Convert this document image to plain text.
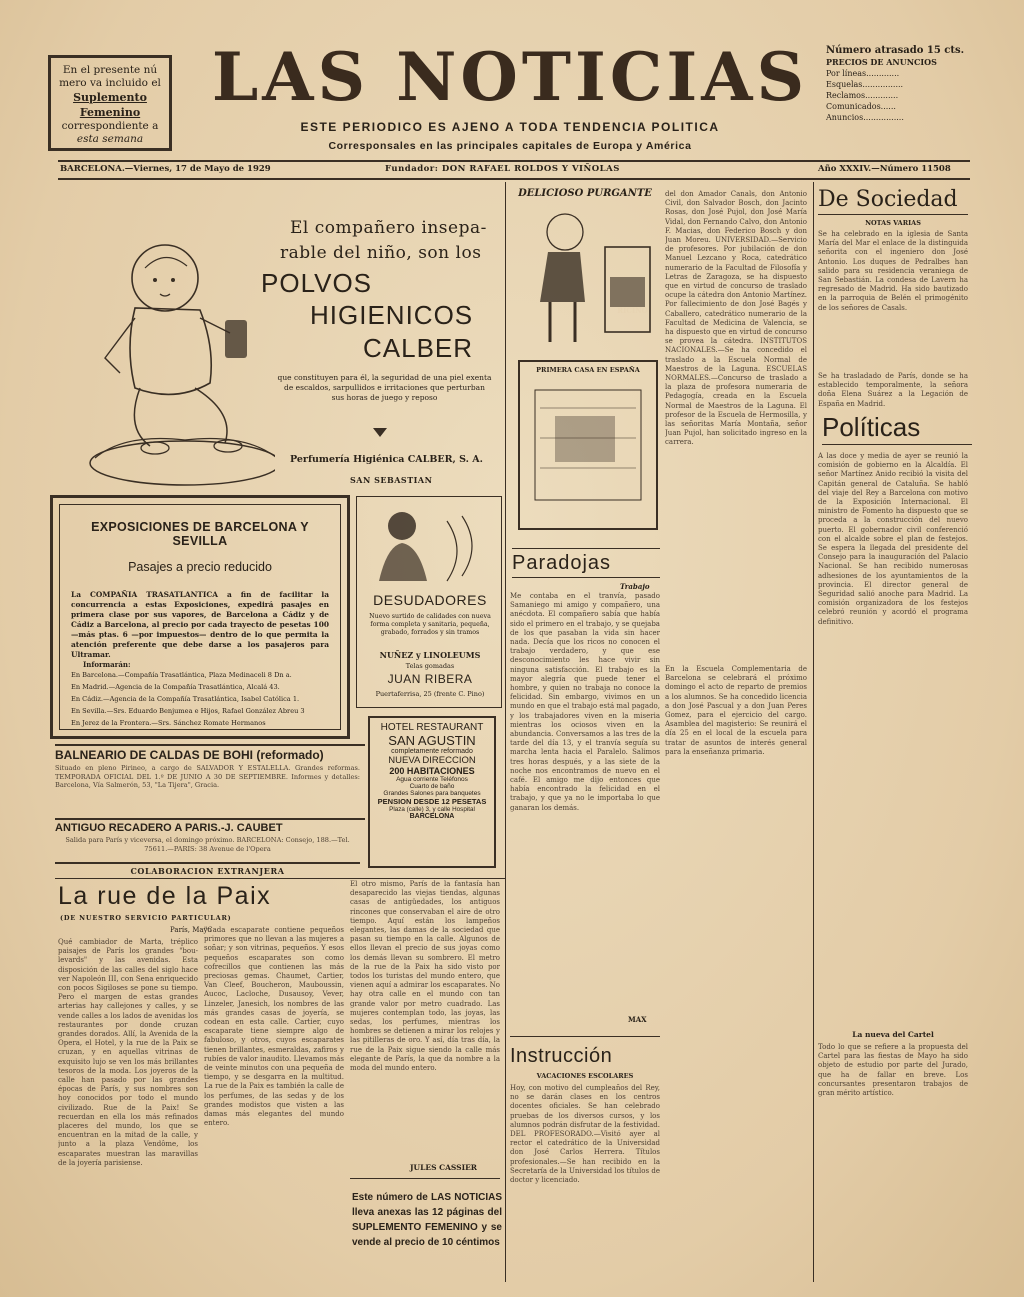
En el presente nú
mero va incluido el
Suplemento Femenino
correspondiente a
esta semana
LAS NOTICIAS
ESTE PERIODICO ES AJENO A TODA TENDENCIA POLITICA
Corresponsales en las principales capitales de Europa y América
Número atrasado 15 cts.
PRECIOS DE ANUNCIOS
Por líneas.............
Esquelas................
Reclamos.............
Comunicados......
Anuncios................
BARCELONA.—Viernes, 17 de Mayo de 1929	Fundador: DON RAFAEL ROLDOS Y VIÑOLAS	Año XXXIV.—Número 11508
El compañero insepa-
rable del niño, son los
POLVOS
HIGIENICOS
CALBER
que constituyen para él, la seguridad de una piel exenta de escaldos, sarpullidos e irritaciones que perturban sus horas de juego y reposo
Perfumería Higiénica CALBER, S. A.
SAN SEBASTIAN
DELICIOSO PURGANTE
RICINO
PRIMERA CASA EN ESPAÑA
del don Amador Canals, don Antonio Civil, don Salvador Bosch, don Jacinto Rosas, don José Pujol, don José María Vidal, don Fernando Calvo, don Antonio F. Macias, don Federico Bosch y don Juan Moreu. UNIVERSIDAD.—Servicio de profesores. Por jubilación de don Manuel Lezcano y Roca, catedrático numerario de la Facultad de Filosofía y Letras de Zaragoza, se ha dispuesto que en virtud de concurso de traslado ocupe la cátedra don Antonio Martínez. Por fallecimiento de don José Bagés y Caballero, catedrático numerario de la Facultad de Medicina de Valencia, se ha dispuesto que en virtud de concurso se provea la cátedra. INSTITUTOS NACIONALES.—Se ha concedido el traslado a la Escuela Normal de Maestros de la Laguna. ESCUELAS NORMALES.—Concurso de traslado a la plaza de profesora numeraria de Pedagogía, creada en la Escuela Normal de Maestros de la Laguna. El profesor de la Escuela de Hermosilla, y las señoritas María Montaña, señor Juan Pujol, han solicitado ingreso en la carrera.
De Sociedad
NOTAS VARIAS
Se ha celebrado en la iglesia de Santa María del Mar el enlace de la distinguida señorita con el ingeniero don José Antonio. Los duques de Pedralbes han salido para su residencia veraniega de San Sebastián. La condesa de Lavern ha regresado de Madrid. Ha sido bautizado en la parroquia de Belén el primogénito de los señores de Casals.
Se ha trasladado de París, donde se ha establecido temporalmente, la señora doña Elena Suárez a la Legación de España en Madrid.
Políticas
A las doce y media de ayer se reunió la comisión de gobierno en la Alcaldía. El señor Martínez Anido recibió la visita del Capitán general de Cataluña. Se habló del viaje del Rey a Barcelona con motivo de la Exposición Internacional. El ministro de Fomento ha dispuesto que se proceda a la construcción del nuevo puerto. El gobernador civil conferenció con el alcalde sobre el plan de festejos. Se espera la llegada del presidente del Consejo para la inauguración del Palacio Nacional. Se han recibido numerosas adhesiones de los ayuntamientos de la provincia. El director general de Seguridad salió anoche para Madrid. La comisión organizadora de los festejos celebró reunión y acordó el programa definitivo.
La nueva del Cartel
Todo lo que se refiere a la propuesta del Cartel para las fiestas de Mayo ha sido objeto de estudio por parte del Jurado, que ha de fallar en breve. Los concursantes presentaron trabajos de gran mérito artístico.
EXPOSICIONES DE BARCELONA Y SEVILLA
Pasajes a precio reducido
La COMPAÑIA TRASATLANTICA a fin de facilitar la concurrencia a estas Exposiciones, expedirá pasajes en primera clase por sus vapores, de Barcelona a Cádiz y de Cádiz a Barcelona, al precio por cada trayecto de pesetas 100—más ptas. 6 —por impuestos— dentro de lo que permita la atención preferente que debe darse a los pasajeros para Ultramar.
Informarán:
En Barcelona.—Compañía Trasatlántica, Plaza Medinaceli 8 Dn a.
En Madrid.—Agencia de la Compañía Trasatlántica, Alcalá 43.
En Cádiz.—Agencia de la Compañía Trasatlántica, Isabel Católica 1.
En Sevilla.—Srs. Eduardo Benjumea e Hijos, Rafael González Abreu 3
En Jerez de la Frontera.—Srs. Sánchez Romate Hermanos
DESUDADORES
Nuevo surtido de calidades con nueva forma completa y sanitaria, pequeña, grabado, forrados y sin tramos
NUÑEZ y LINOLEUMS
Telas gomadas
JUAN RIBERA
Puertaferrisa, 25 (frente C. Pino)
HOTEL RESTAURANT
SAN AGUSTIN
completamente reformado
NUEVA DIRECCION
200 HABITACIONES
Agua corriente Teléfonos
Cuarto de baño
Grandes Salones para banquetes
PENSION DESDE 12 PESETAS
Plaza (calle) 3, y calle Hospital
BARCELONA
BALNEARIO DE CALDAS DE BOHI (reformado)
Situado en pleno Pirineo, a cargo de SALVADOR Y ESTALELLA. Grandes reformas. TEMPORADA OFICIAL DEL 1.º DE JUNIO A 30 DE SEPTIEMBRE. Informes y detalles: Barcelona, Vía Salmerón, 53, "La Tijera", Gracia.
ANTIGUO RECADERO A PARIS.-J. CAUBET
Salida para París y viceversa, el domingo próximo. BARCELONA: Consejo, 188.—Tel. 75611.—PARIS: 38 Avenue de l'Opera
COLABORACION EXTRANJERA
La rue de la Paix
(DE NUESTRO SERVICIO PARTICULAR)
París, Mayo
Qué cambiador de Marta, tréplico paisajes de París los grandes "bou-levards" y las avenidas. Esta disposición de las calles del siglo hace ver Napoleón III, con Sena enriquecido con pocos Sigiloses se pone su tiempo. Pero el margen de estas grandes arterias hay callejones y calles, y se vende calles a los lados de avenidas los restaurantes por donde cruzan grandes dorados. Allí, la Avenida de la Opera, el Hotel, y la rue de la Paix se cruzan, y en aquellas vitrinas de exquisito lujo se ven los más brillantes tesoros de la moda. Los joyeros de la calle han pasado por las grandes épocas de París, y sus nombres son hoy conocidos por todo el mundo civilizado. Rue de la Paix! Se recuerdan en ella los más refinados placeres del mundo, los que se encuentran en la mitad de la calle, y junto a la plaza Vendôme, los escaparates muestran las maravillas de la joyería parisiense.
"Cada escaparate contiene pequeños primores que no llevan a las mujeres a soñar; y son vitrinas, pequeños. Y esos pequeños escaparates son como cofrecillos que contienen las más preciosas gemas. Chaumet, Cartier, Van Cleef, Boucheron, Mauboussin, Aucoc, Lacloche, Dusausoy, Vever, Linzeler, Janesich, los nombres de las más grandes casas de joyería, se codean en esta calle. Cartier, cuyo escaparate tiene siempre algo de fabuloso, y otros, cuyos escaparates tienen brillantes, esmeraldas, zafiros y rubíes de valor inaudito. Llevamos más de veinte minutos con una pequeña de tiempo, y se desgarra en la multitud. La rue de la Paix es también la calle de los perfumes, de las sedas y de los grandes modistos que visten a las damas más elegantes del mundo entero.
El otro mismo, París de la fantasía han desaparecido las viejas tiendas, algunas casas de antigüedades, los antiguos rincones que conservaban el aire de otro tiempo. Aquí están los lampeños elegantes, las damas de la sociedad que pasan su tiempo en la calle. Algunos de ellos llevan el precio de sus joyas como los demás llevan su sombrero. El metro de la rue de la Paix ha sido visto por todos los turistas del mundo entero, que vienen aquí a admirar los escaparates. No hay otra calle en el mundo con tan grande valor por metro cuadrado. Las mujeres contemplan todo, las joyas, las sedas, los perfumes, mientras los hombres se detienen a mirar los relojes y las pitilleras de oro. Y así, día tras día, la rue de la Paix sigue siendo la calle más elegante de París, la que da nombre a la moda del mundo entero.
JULES CASSIER
Este número de LAS NOTICIAS lleva anexas las 12 páginas del SUPLEMENTO FEMENINO y se vende al precio de 10 céntimos
Paradojas
Trabajo
Me contaba en el tranvía, pasado Samaniego mi amigo y compañero, una anécdota. El compañero sabía que había sido el primero en el trabajo, y se quejaba de los que pasaban la vida sin hacer nada. Decía que los ricos no conocen el trabajo verdadero, y que ese desconocimiento les hace vivir sin ninguna satisfacción. El trabajo es la mayor alegría que puede tener el hombre, y quien no trabaja no conoce la felicidad. Sin embargo, vivimos en un mundo en que el trabajo está mal pagado, y los trabajadores viven en la miseria mientras los ociosos viven en la abundancia. Conversamos a las tres de la tarde del día 13, y el tranvía seguía su marcha lenta hacia el Paralelo. Salimos tres horas después, y a las siete de la noche nos encontramos de nuevo en el café. El amigo me dijo entonces que había encontrado la felicidad en el trabajo, y que ya no le importaba lo que ganaran los demás.
MAX
Instrucción
VACACIONES ESCOLARES
Hoy, con motivo del cumpleaños del Rey, no se darán clases en los centros docentes oficiales. Se han celebrado pruebas de los diversos cursos, y los alumnos podrán disfrutar de la festividad. DEL PROFESORADO.—Visitó ayer al rector el catedrático de la Universidad don José Carlos Herrera. Títulos profesionales.—Se han recibido en la Secretaría de la Universidad los títulos de doctor y licenciado.
En la Escuela Complementaria de Barcelona se celebrará el próximo domingo el acto de reparto de premios a los alumnos. Se ha concedido licencia a don José Pascual y a don Juan Peres Gomez, para el ejercicio del cargo. Asamblea del magisterio: Se reunirá el día 25 en el local de la escuela para tratar de asuntos de interés general para la enseñanza primaria.
